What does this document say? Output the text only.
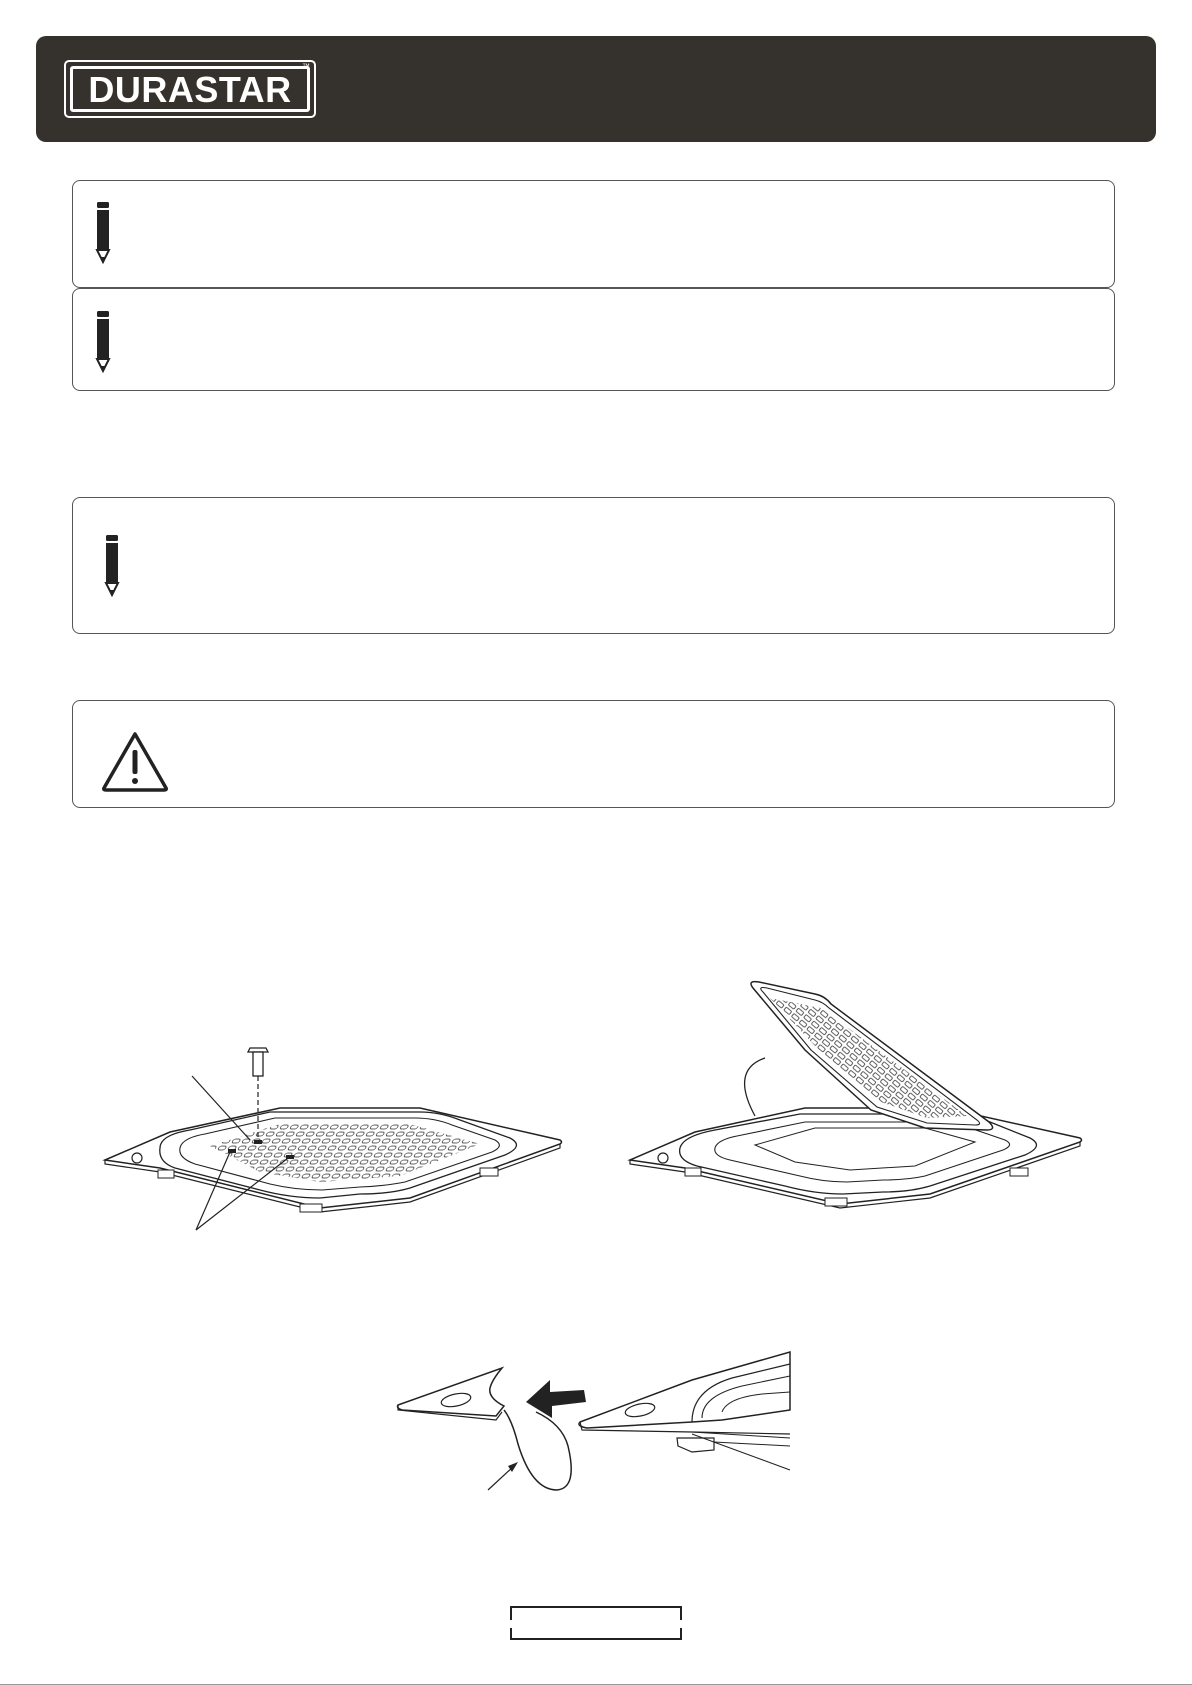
DURASTAR
™
